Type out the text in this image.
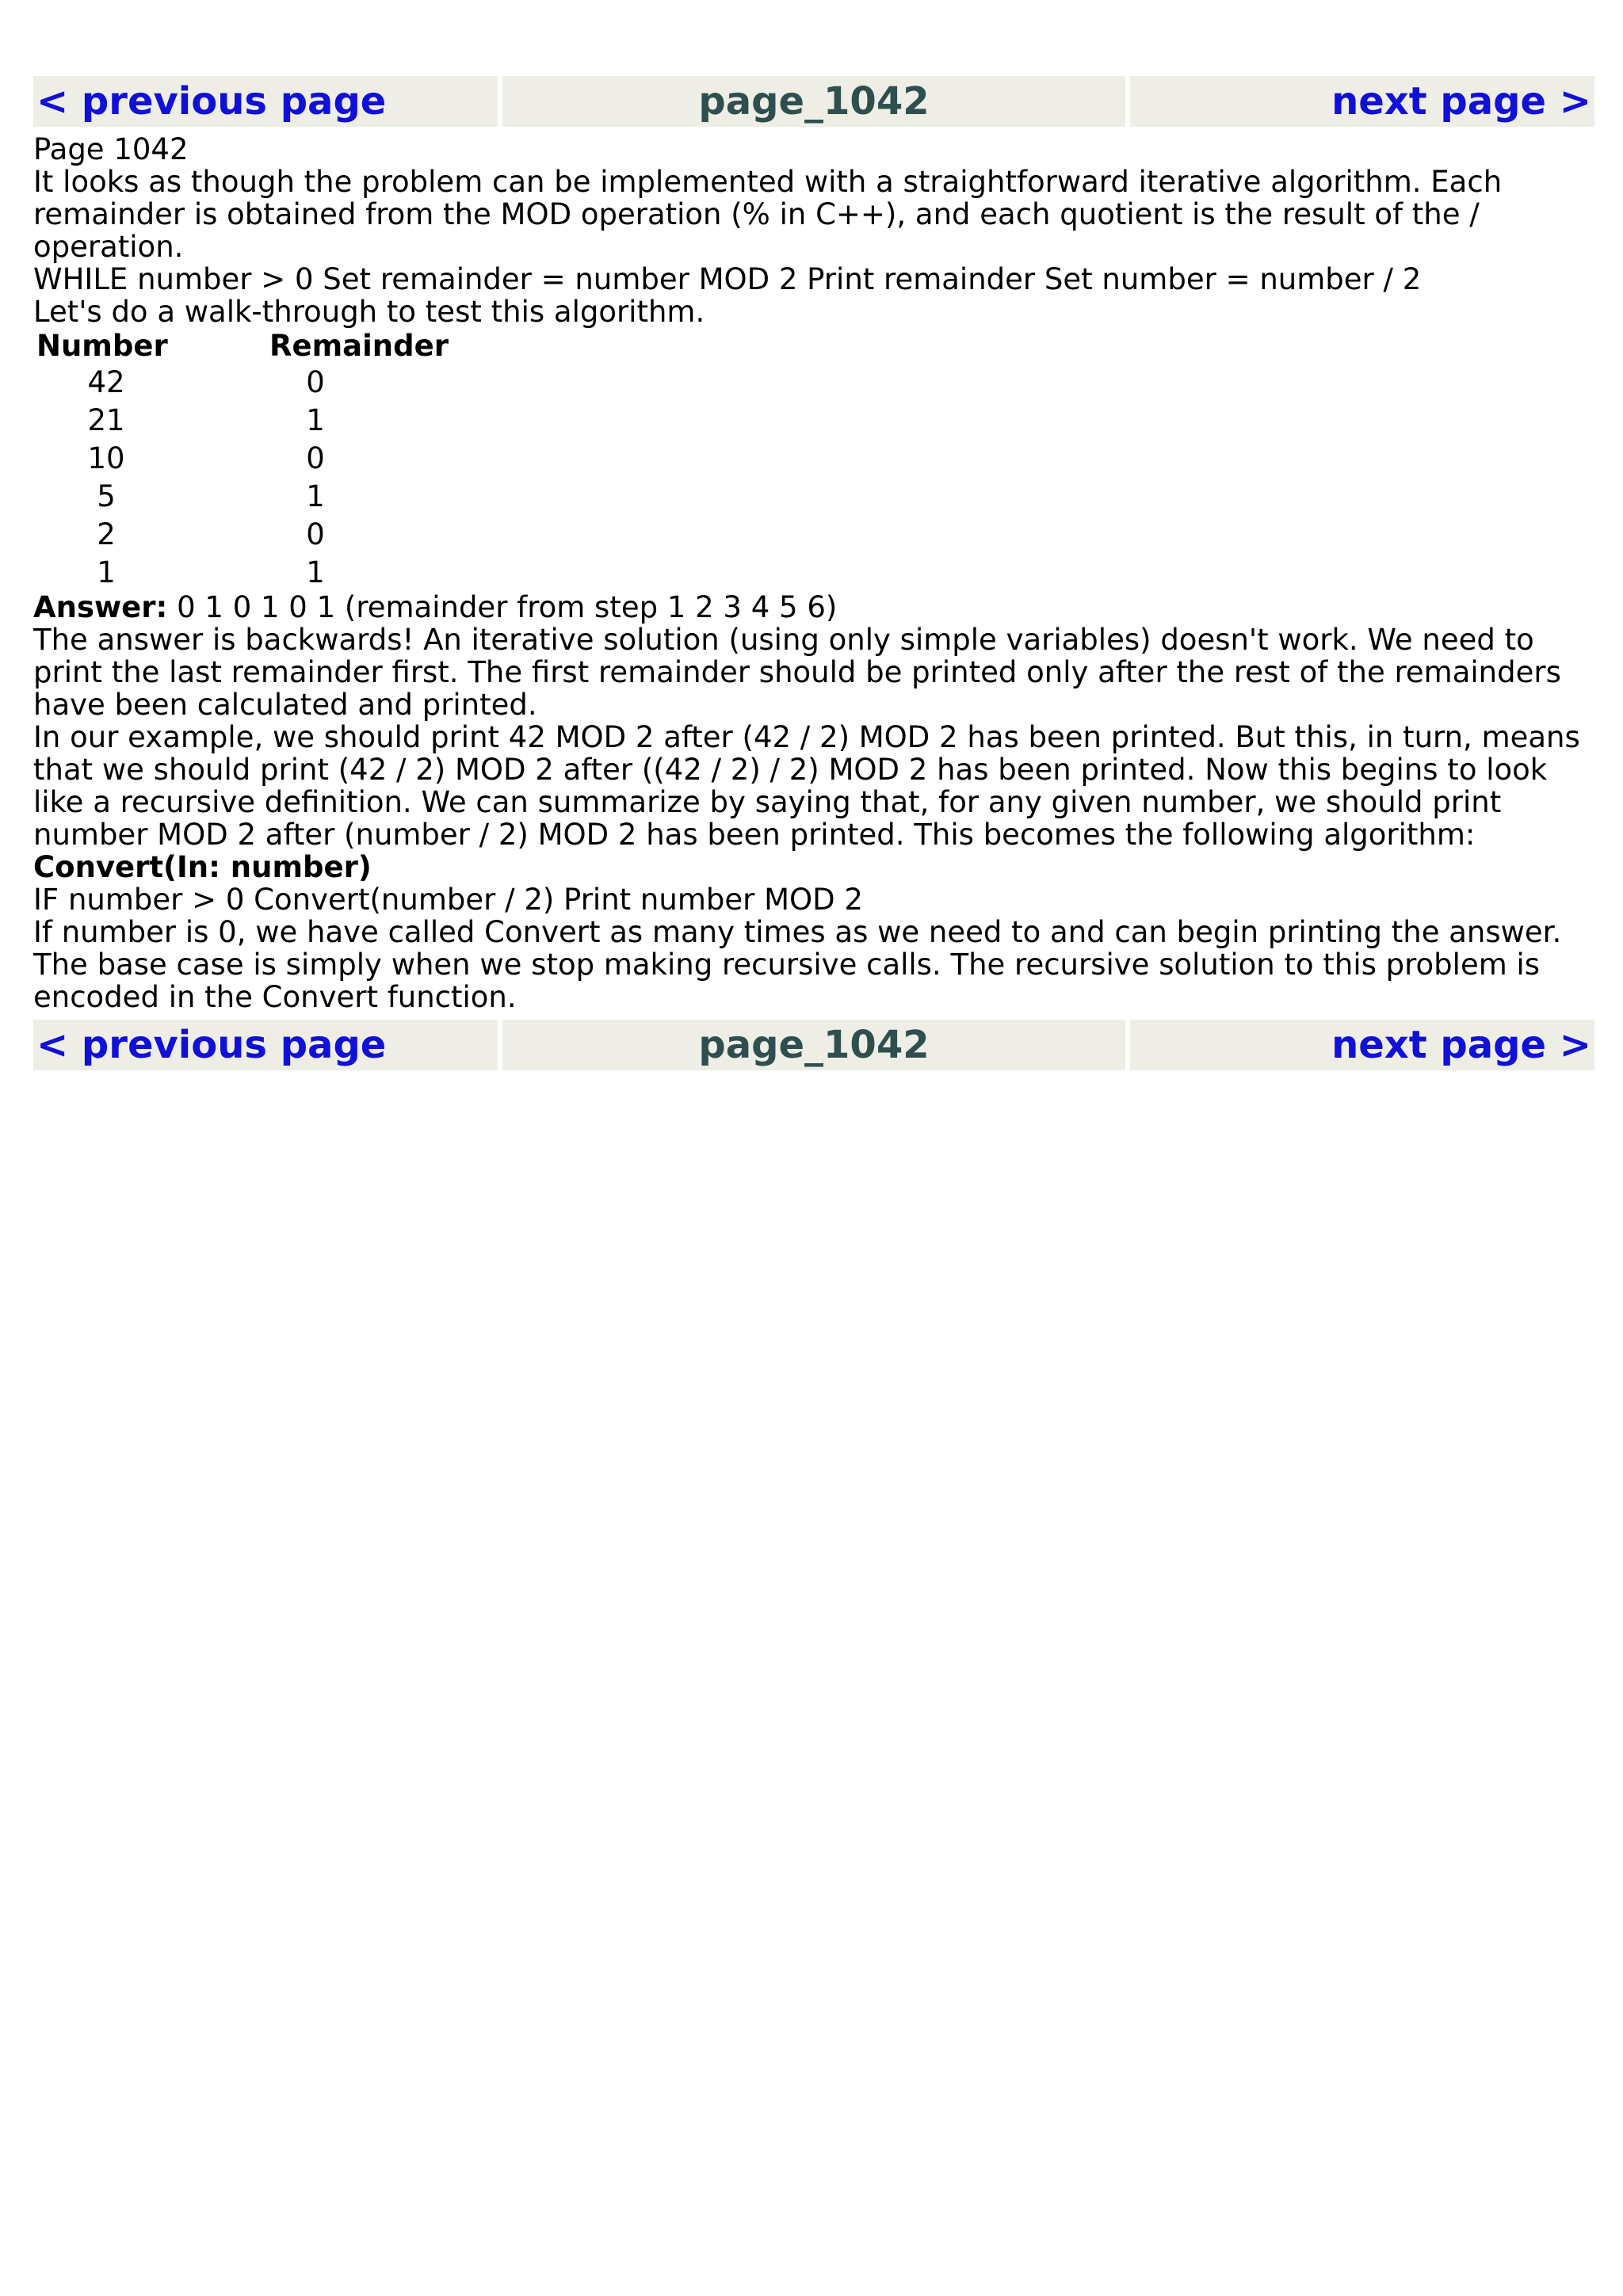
< previous page	page_1042	next page >

Page 1042

It looks as though the problem can be implemented with a straightforward iterative algorithm. Each remainder is obtained from the MOD operation (% in C++), and each quotient is the result of the / operation.

WHILE number > 0 Set remainder = number MOD 2 Print remainder Set number = number / 2

Let's do a walk-through to test this algorithm.

Number	Remainder
42	0
21	1
10	0
5	1
2	0
1	1

Answer: 0 1 0 1 0 1 (remainder from step 1 2 3 4 5 6)

The answer is backwards! An iterative solution (using only simple variables) doesn't work. We need to print the last remainder first. The first remainder should be printed only after the rest of the remainders have been calculated and printed.

In our example, we should print 42 MOD 2 after (42 / 2) MOD 2 has been printed. But this, in turn, means that we should print (42 / 2) MOD 2 after ((42 / 2) / 2) MOD 2 has been printed. Now this begins to look like a recursive definition. We can summarize by saying that, for any given number, we should print number MOD 2 after (number / 2) MOD 2 has been printed. This becomes the following algorithm:

Convert(In: number)

IF number > 0 Convert(number / 2) Print number MOD 2

If number is 0, we have called Convert as many times as we need to and can begin printing the answer. The base case is simply when we stop making recursive calls. The recursive solution to this problem is encoded in the Convert function.

< previous page	page_1042	next page >
